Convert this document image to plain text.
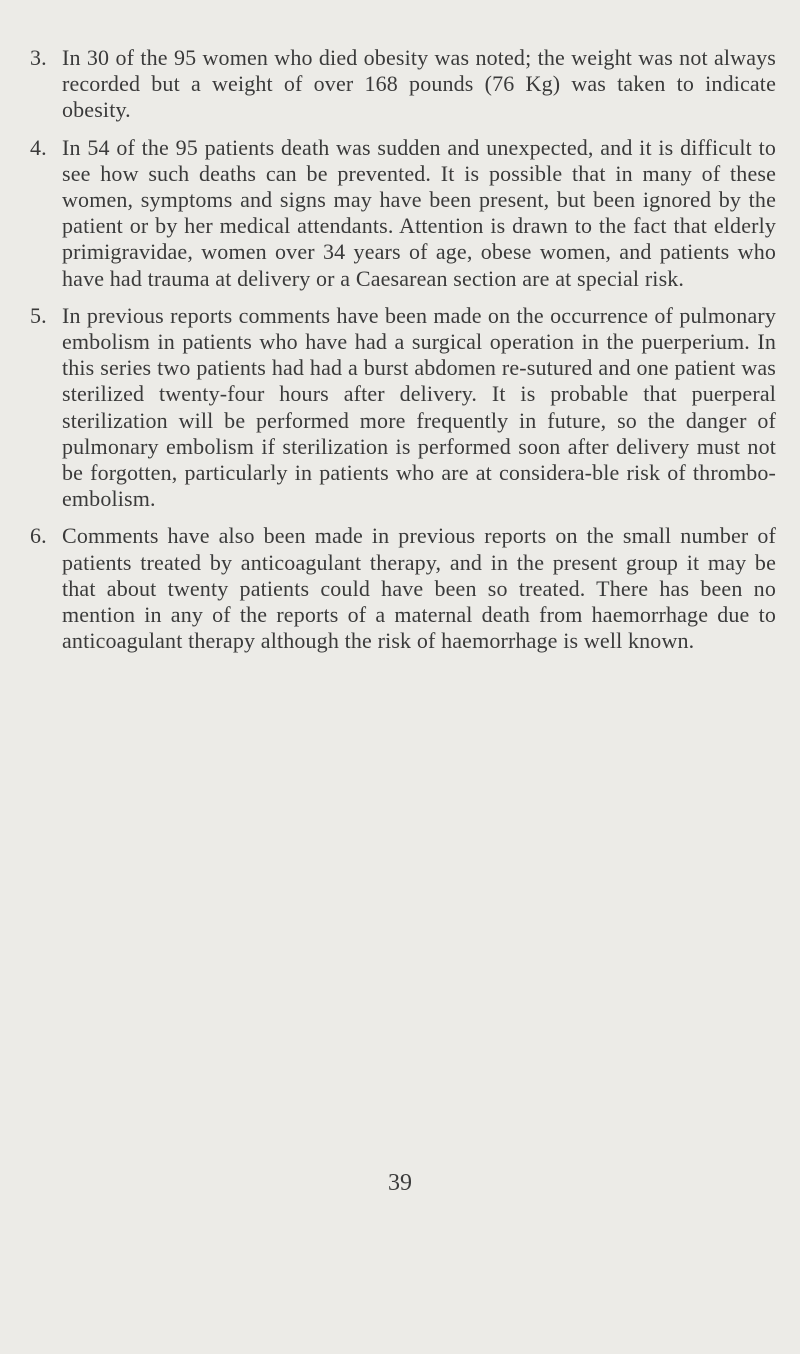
3. In 30 of the 95 women who died obesity was noted; the weight was not always recorded but a weight of over 168 pounds (76 Kg) was taken to indicate obesity.
4. In 54 of the 95 patients death was sudden and unexpected, and it is difficult to see how such deaths can be prevented. It is possible that in many of these women, symptoms and signs may have been present, but been ignored by the patient or by her medical attendants. Attention is drawn to the fact that elderly primigravidae, women over 34 years of age, obese women, and patients who have had trauma at delivery or a Caesarean section are at special risk.
5. In previous reports comments have been made on the occurrence of pulmonary embolism in patients who have had a surgical operation in the puerperium. In this series two patients had had a burst abdomen re-sutured and one patient was sterilized twenty-four hours after delivery. It is probable that puerperal sterilization will be performed more frequently in future, so the danger of pulmonary embolism if sterilization is performed soon after delivery must not be forgotten, particularly in patients who are at considera-ble risk of thrombo-embolism.
6. Comments have also been made in previous reports on the small number of patients treated by anticoagulant therapy, and in the present group it may be that about twenty patients could have been so treated. There has been no mention in any of the reports of a maternal death from haemorrhage due to anticoagulant therapy although the risk of haemorrhage is well known.
39
